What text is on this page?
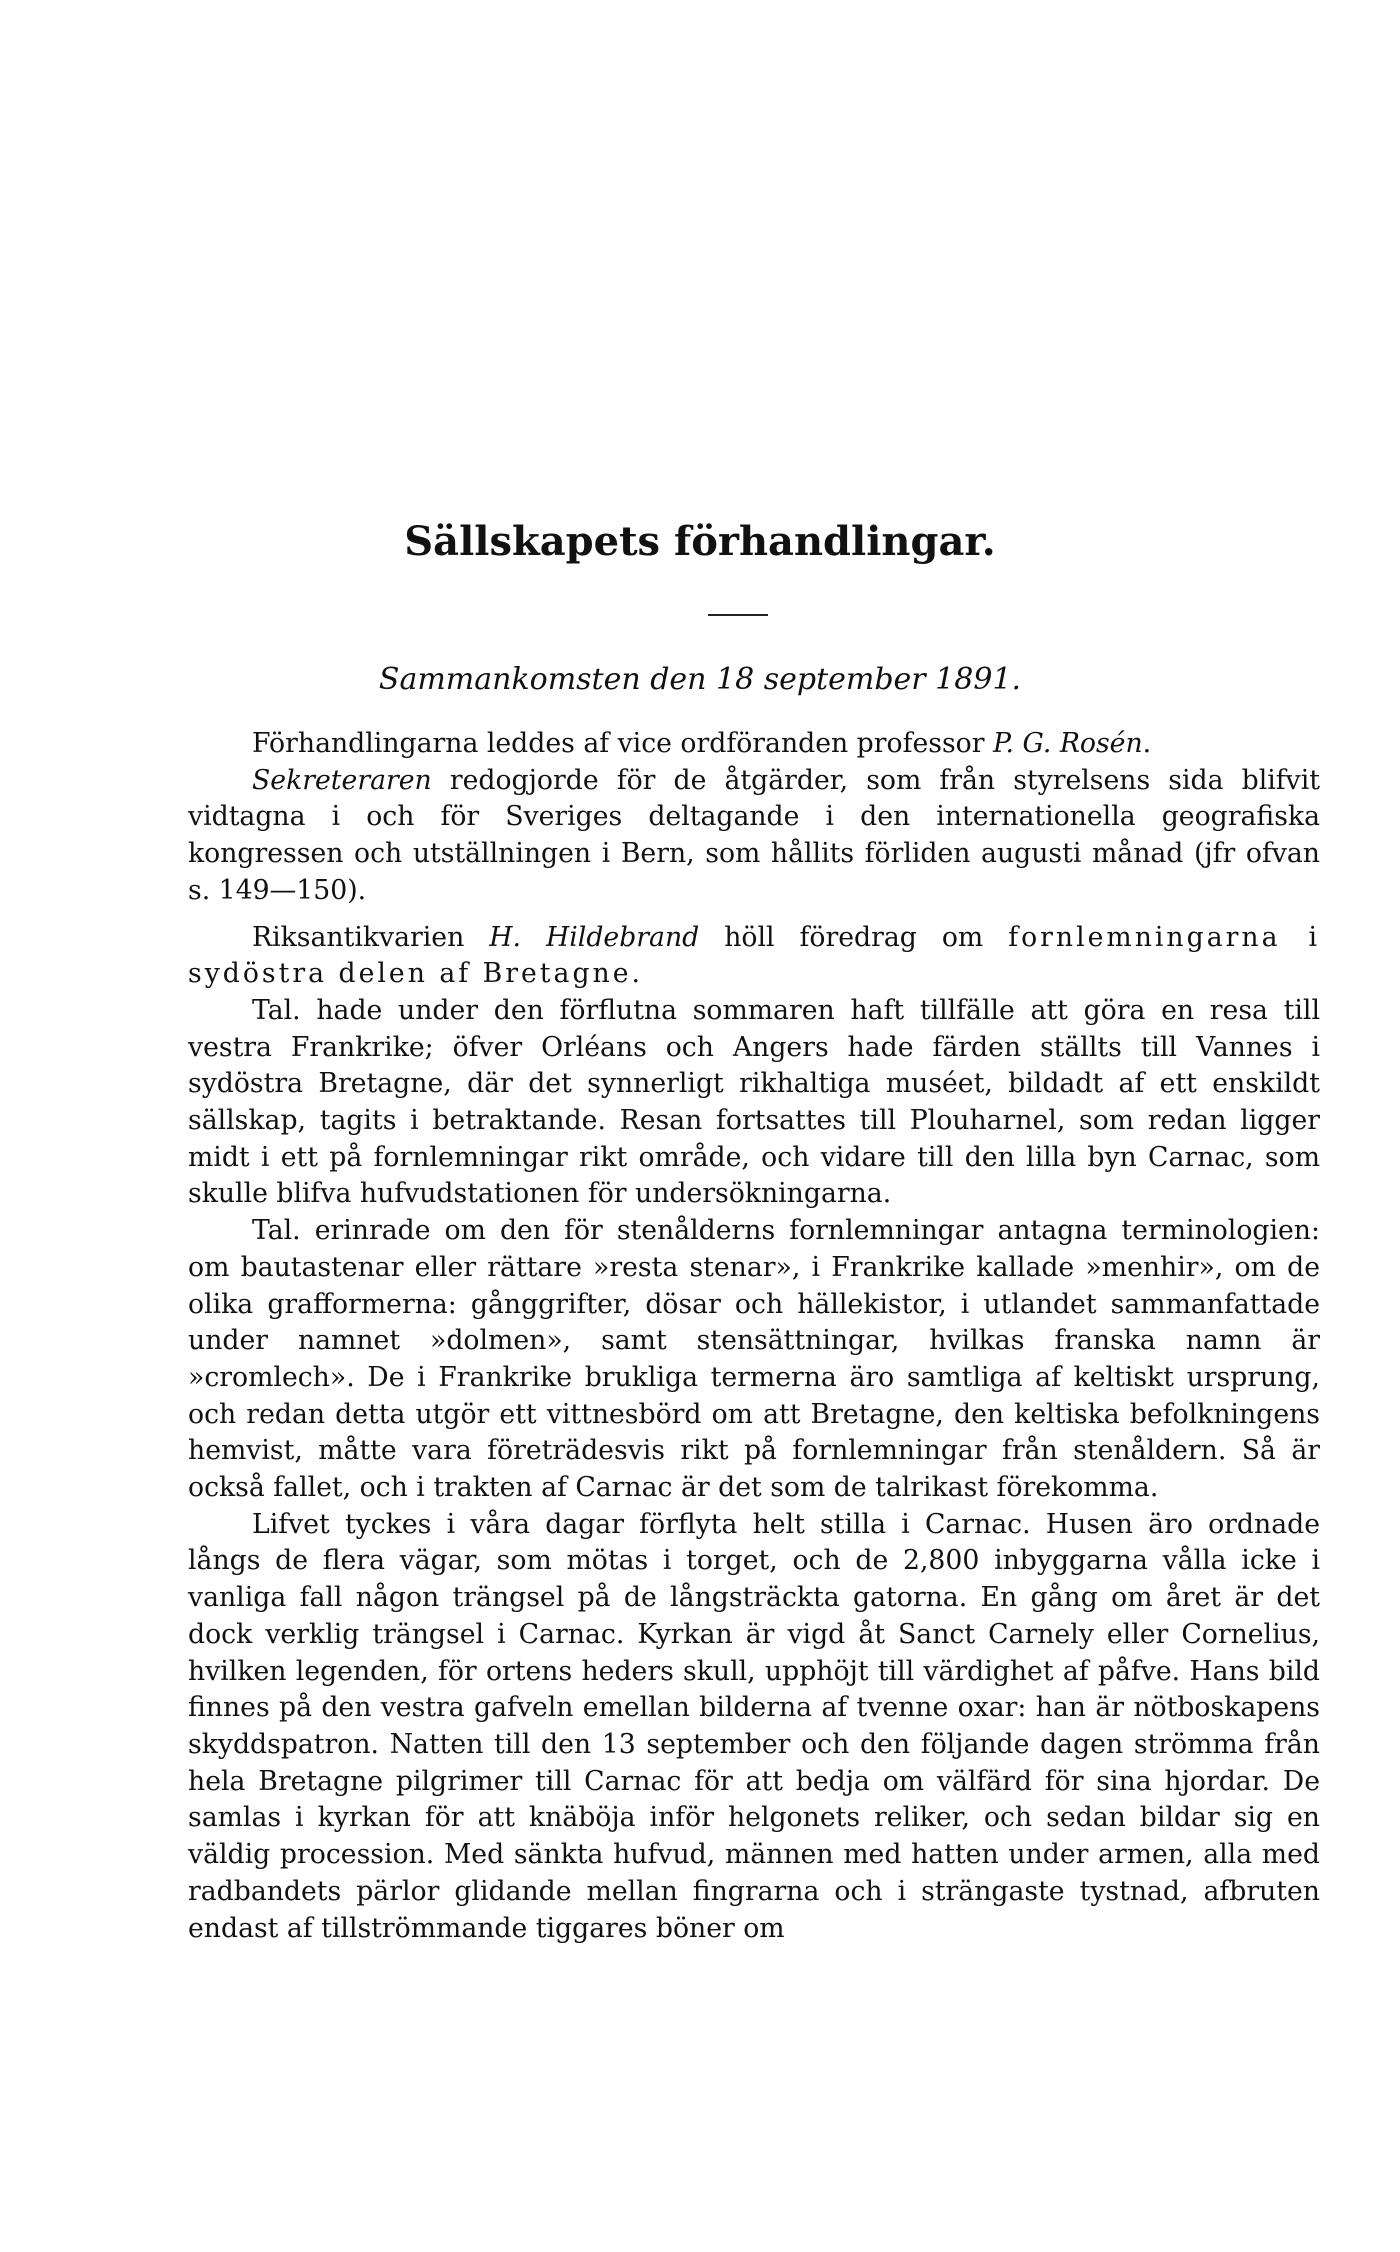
Sällskapets förhandlingar.
Sammankomsten den 18 september 1891.

Förhandlingarna leddes af vice ordföranden professor P. G. Rosén.

Sekreteraren redogjorde för de åtgärder, som från styrelsens sida blifvit vidtagna i och för Sveriges deltagande i den internationella geografiska kongressen och utställningen i Bern, som hållits förliden augusti månad (jfr ofvan s. 149—150).

Riksantikvarien H. Hildebrand höll föredrag om fornlemningarna i sydöstra delen af Bretagne.

Tal. hade under den förflutna sommaren haft tillfälle att göra en resa till vestra Frankrike; öfver Orléans och Angers hade färden ställts till Vannes i sydöstra Bretagne, där det synnerligt rikhaltiga muséet, bildadt af ett enskildt sällskap, tagits i betraktande. Resan fortsattes till Plouharnel, som redan ligger midt i ett på fornlemningar rikt område, och vidare till den lilla byn Carnac, som skulle blifva hufvudstationen för undersökningarna.

Tal. erinrade om den för stenålderns fornlemningar antagna terminologien: om bautastenar eller rättare »resta stenar», i Frankrike kallade »menhir», om de olika grafformerna: gånggrifter, dösar och hällekistor, i utlandet sammanfattade under namnet »dolmen», samt stensättningar, hvilkas franska namn är »cromlech». De i Frankrike brukliga termerna äro samtliga af keltiskt ursprung, och redan detta utgör ett vittnesbörd om att Bretagne, den keltiska befolkningens hemvist, måtte vara företrädesvis rikt på fornlemningar från stenåldern. Så är också fallet, och i trakten af Carnac är det som de talrikast förekomma.

Lifvet tyckes i våra dagar förflyta helt stilla i Carnac. Husen äro ordnade långs de flera vägar, som mötas i torget, och de 2,800 inbyggarna vålla icke i vanliga fall någon trängsel på de långsträckta gatorna. En gång om året är det dock verklig trängsel i Carnac. Kyrkan är vigd åt Sanct Carnely eller Cornelius, hvilken legenden, för ortens heders skull, upphöjt till värdighet af påfve. Hans bild finnes på den vestra gafveln emellan bilderna af tvenne oxar: han är nötboskapens skyddspatron. Natten till den 13 september och den följande dagen strömma från hela Bretagne pilgrimer till Carnac för att bedja om välfärd för sina hjordar. De samlas i kyrkan för att knäböja inför helgonets reliker, och sedan bildar sig en väldig procession. Med sänkta hufvud, männen med hatten under armen, alla med radbandets pärlor glidande mellan fingrarna och i strängaste tystnad, afbruten endast af tillströmmande tiggares böner om
